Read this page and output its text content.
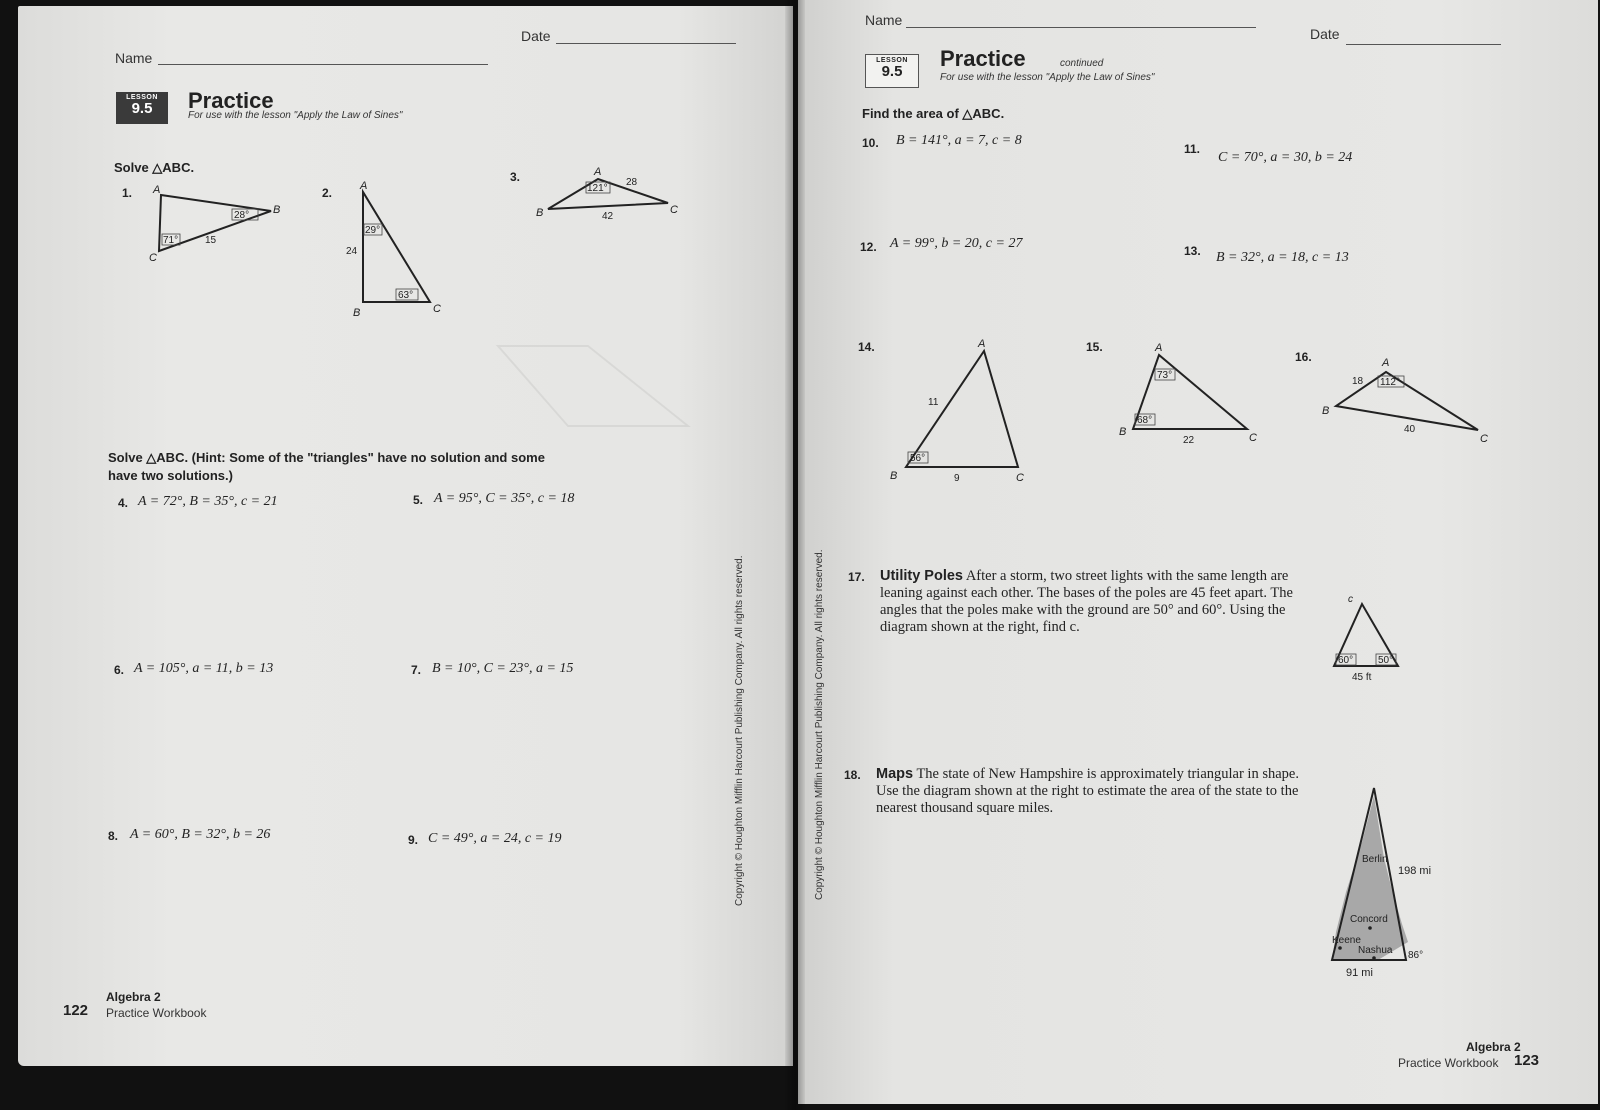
Name
Date
LESSON
9.5	Practice
For use with the lesson "Apply the Law of Sines"
Solve △ABC.
1. A
B
C
28°
71°	15
2.	A
B	C
29°
63°
24
3.	A
B	C
121°
28
42
Solve △ABC. (Hint: Some of the "triangles" have no solution and some
have two solutions.)
4. A = 72°, B = 35°, c = 21	5. A = 95°, C = 35°, c = 18
6. A = 105°, a = 11, b = 13	7. B = 10°, C = 23°, a = 15
8. A = 60°, B = 32°, b = 26	9. C = 49°, a = 24, c = 19
122
Algebra 2
Practice Workbook
Copyright © Houghton Mifflin Harcourt Publishing Company. All rights reserved.
Name
Date
LESSON
9.5
Practice	continued
For use with the lesson "Apply the Law of Sines"
Find the area of △ABC.
10. B = 141°, a = 7, c = 8
11.
C = 70°, a = 30, b = 24
12. A = 99°, b = 20, c = 27	13. B = 32°, a = 18, c = 13
14.	A
B	C
11
9
56°
15.	A
B	C
73°
68°
22
16.	A
B
C
18 112°
40
17. Utility Poles After a storm, two street lights with the same length are leaning against each other. The bases of the poles are 45 feet apart. The angles that the poles make with the ground are 50° and 60°. Using the diagram shown at the right, find c.
c
60° 50°
45 ft
18. Maps The state of New Hampshire is approximately triangular in shape. Use the diagram shown at the right to estimate the area of the state to the nearest thousand square miles.
Berlin
198 mi
Concord
Keene
Nashua 86°
91 mi
Algebra 2
Practice Workbook 123
Copyright © Houghton Mifflin Harcourt Publishing Company. All rights reserved.
